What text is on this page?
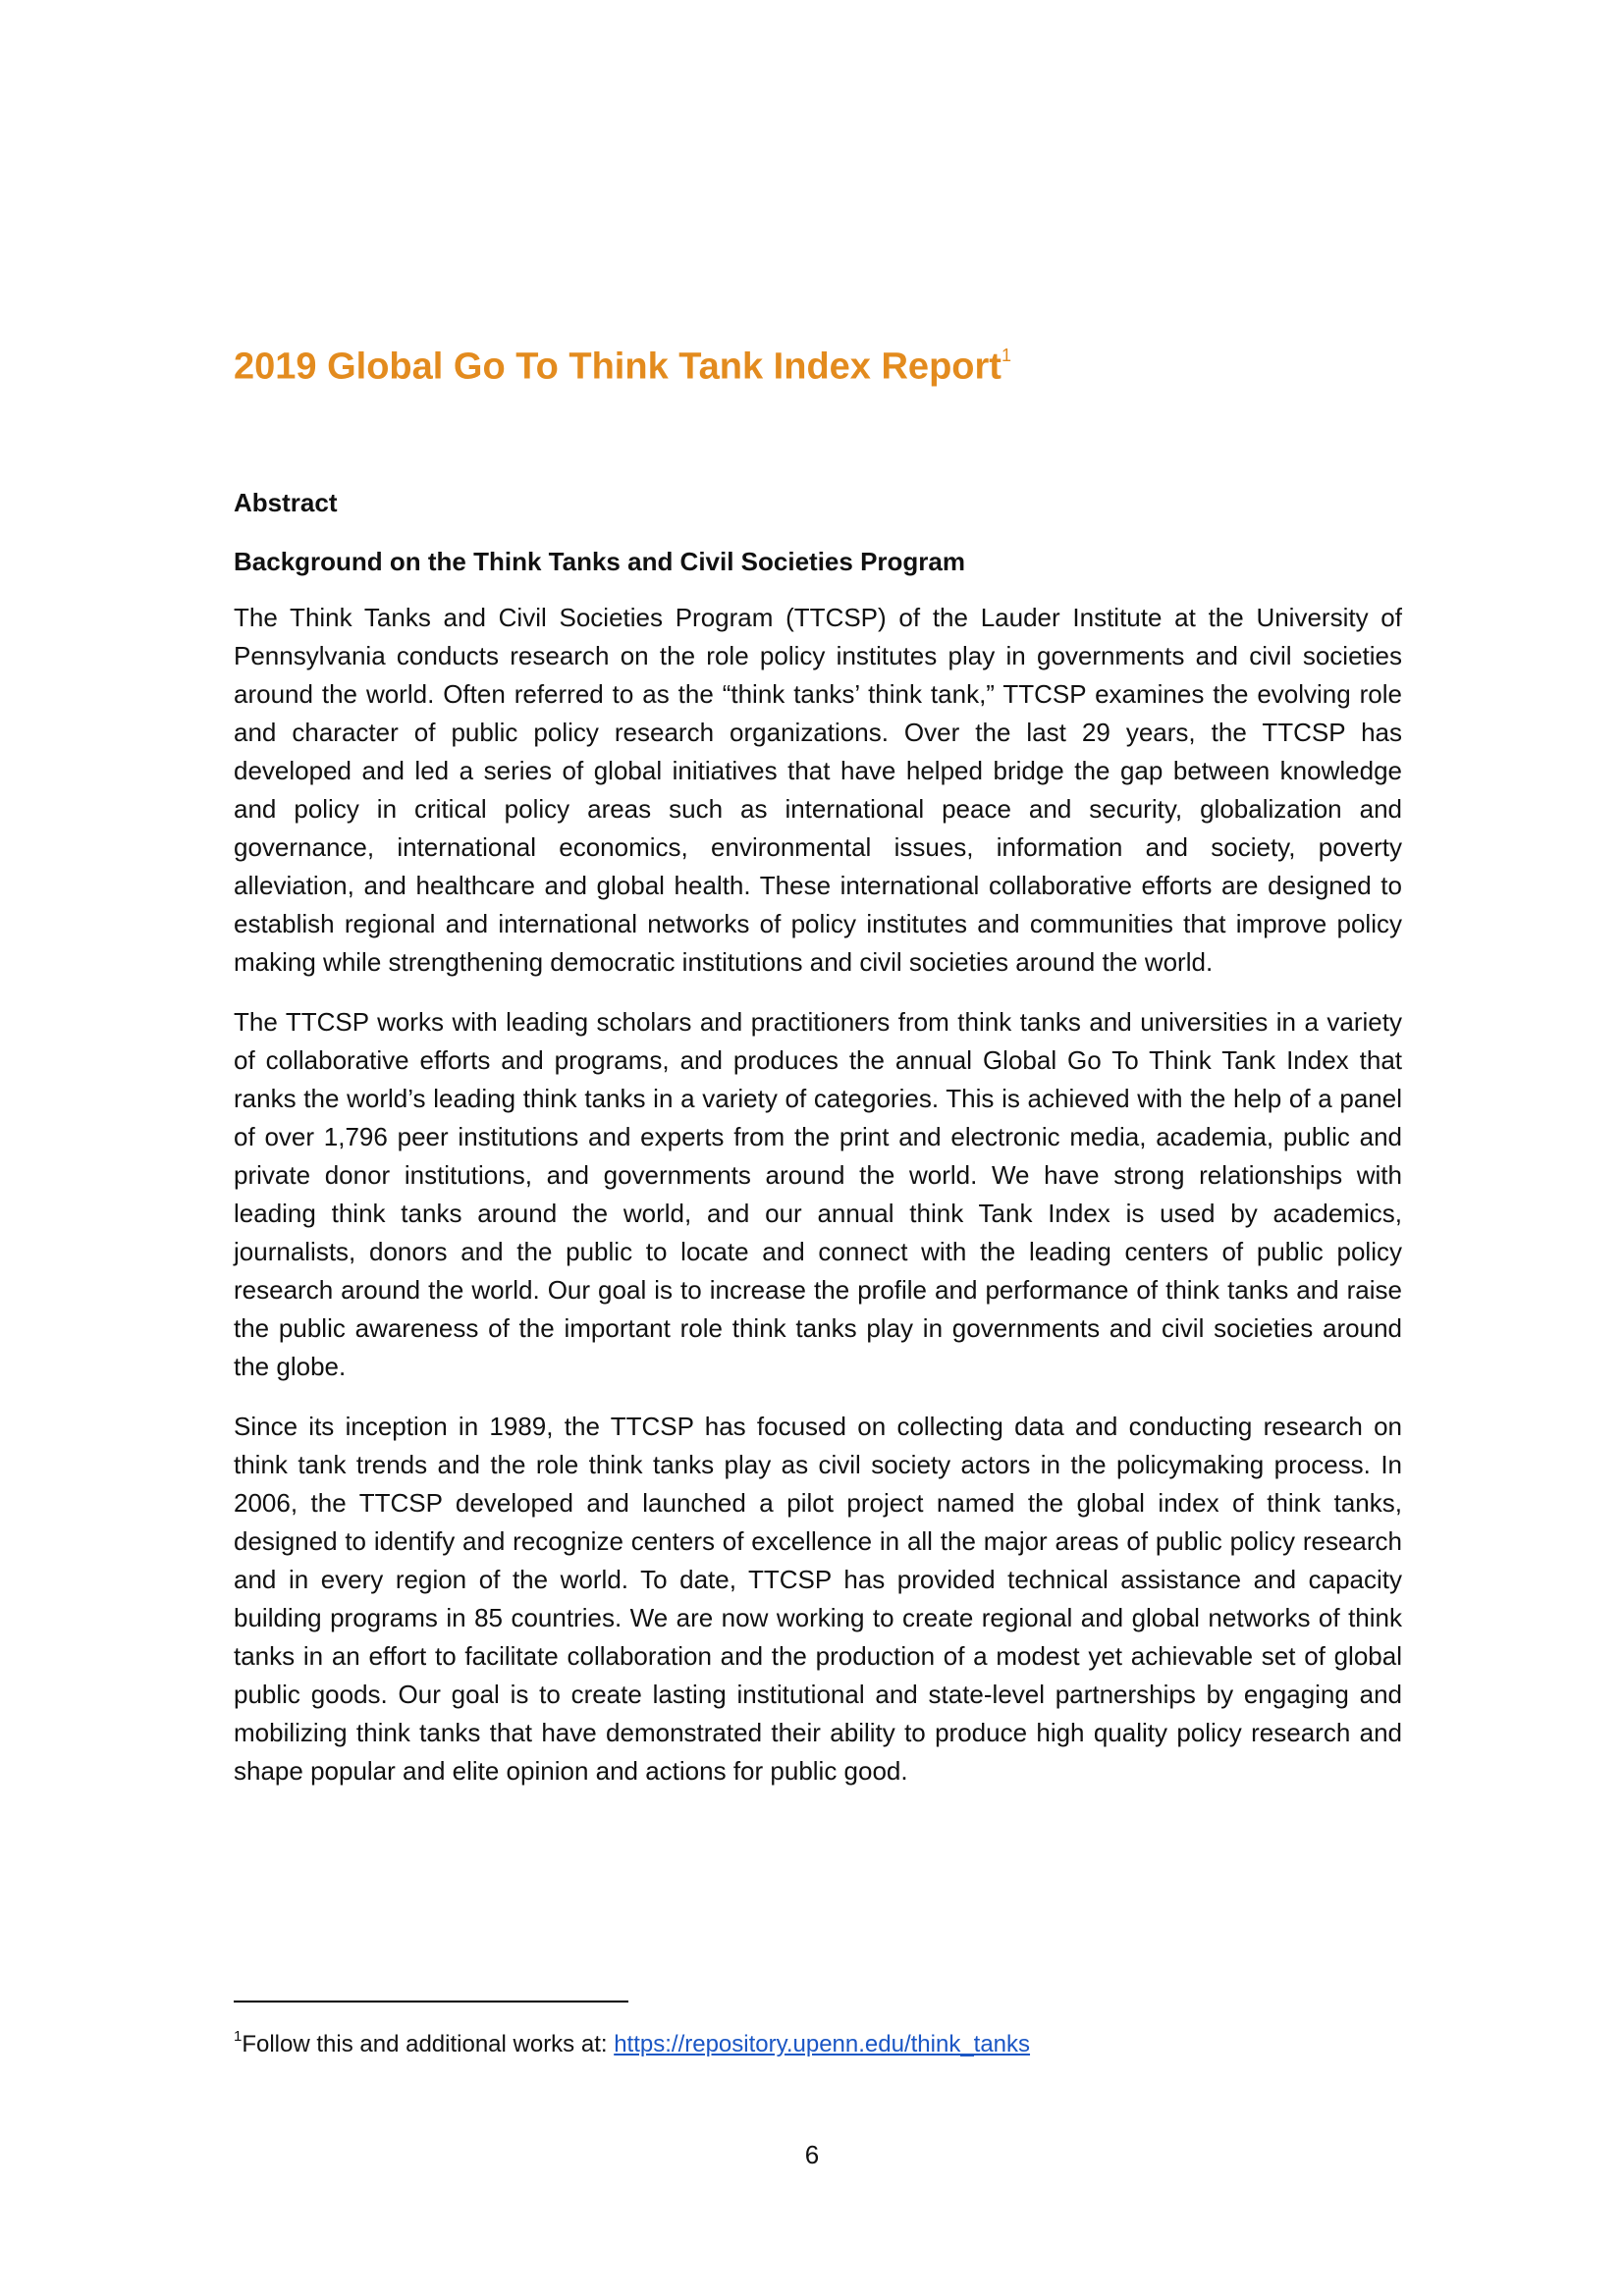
2019 Global Go To Think Tank Index Report$^1$

Abstract

Background on the Think Tanks and Civil Societies Program

The Think Tanks and Civil Societies Program (TTCSP) of the Lauder Institute at the University of Pennsylvania conducts research on the role policy institutes play in governments and civil societies around the world. Often referred to as the “think tanks’ think tank,” TTCSP examines the evolving role and character of public policy research organizations. Over the last 29 years, the TTCSP has developed and led a series of global initiatives that have helped bridge the gap between knowledge and policy in critical policy areas such as international peace and security, globalization and governance, international economics, environmental issues, information and society, poverty alleviation, and healthcare and global health. These international collaborative efforts are designed to establish regional and international networks of policy institutes and communities that improve policy making while strengthening democratic institutions and civil societies around the world.

The TTCSP works with leading scholars and practitioners from think tanks and universities in a variety of collaborative efforts and programs, and produces the annual Global Go To Think Tank Index that ranks the world’s leading think tanks in a variety of categories. This is achieved with the help of a panel of over 1,796 peer institutions and experts from the print and electronic media, academia, public and private donor institutions, and governments around the world. We have strong relationships with leading think tanks around the world, and our annual think Tank Index is used by academics, journalists, donors and the public to locate and connect with the leading centers of public policy research around the world. Our goal is to increase the profile and performance of think tanks and raise the public awareness of the important role think tanks play in governments and civil societies around the globe.

Since its inception in 1989, the TTCSP has focused on collecting data and conducting research on think tank trends and the role think tanks play as civil society actors in the policymaking process. In 2006, the TTCSP developed and launched a pilot project named the global index of think tanks, designed to identify and recognize centers of excellence in all the major areas of public policy research and in every region of the world. To date, TTCSP has provided technical assistance and capacity building programs in 85 countries. We are now working to create regional and global networks of think tanks in an effort to facilitate collaboration and the production of a modest yet achievable set of global public goods. Our goal is to create lasting institutional and state-level partnerships by engaging and mobilizing think tanks that have demonstrated their ability to produce high quality policy research and shape popular and elite opinion and actions for public good.

$^1$Follow this and additional works at: https://repository.upenn.edu/think_tanks
6
